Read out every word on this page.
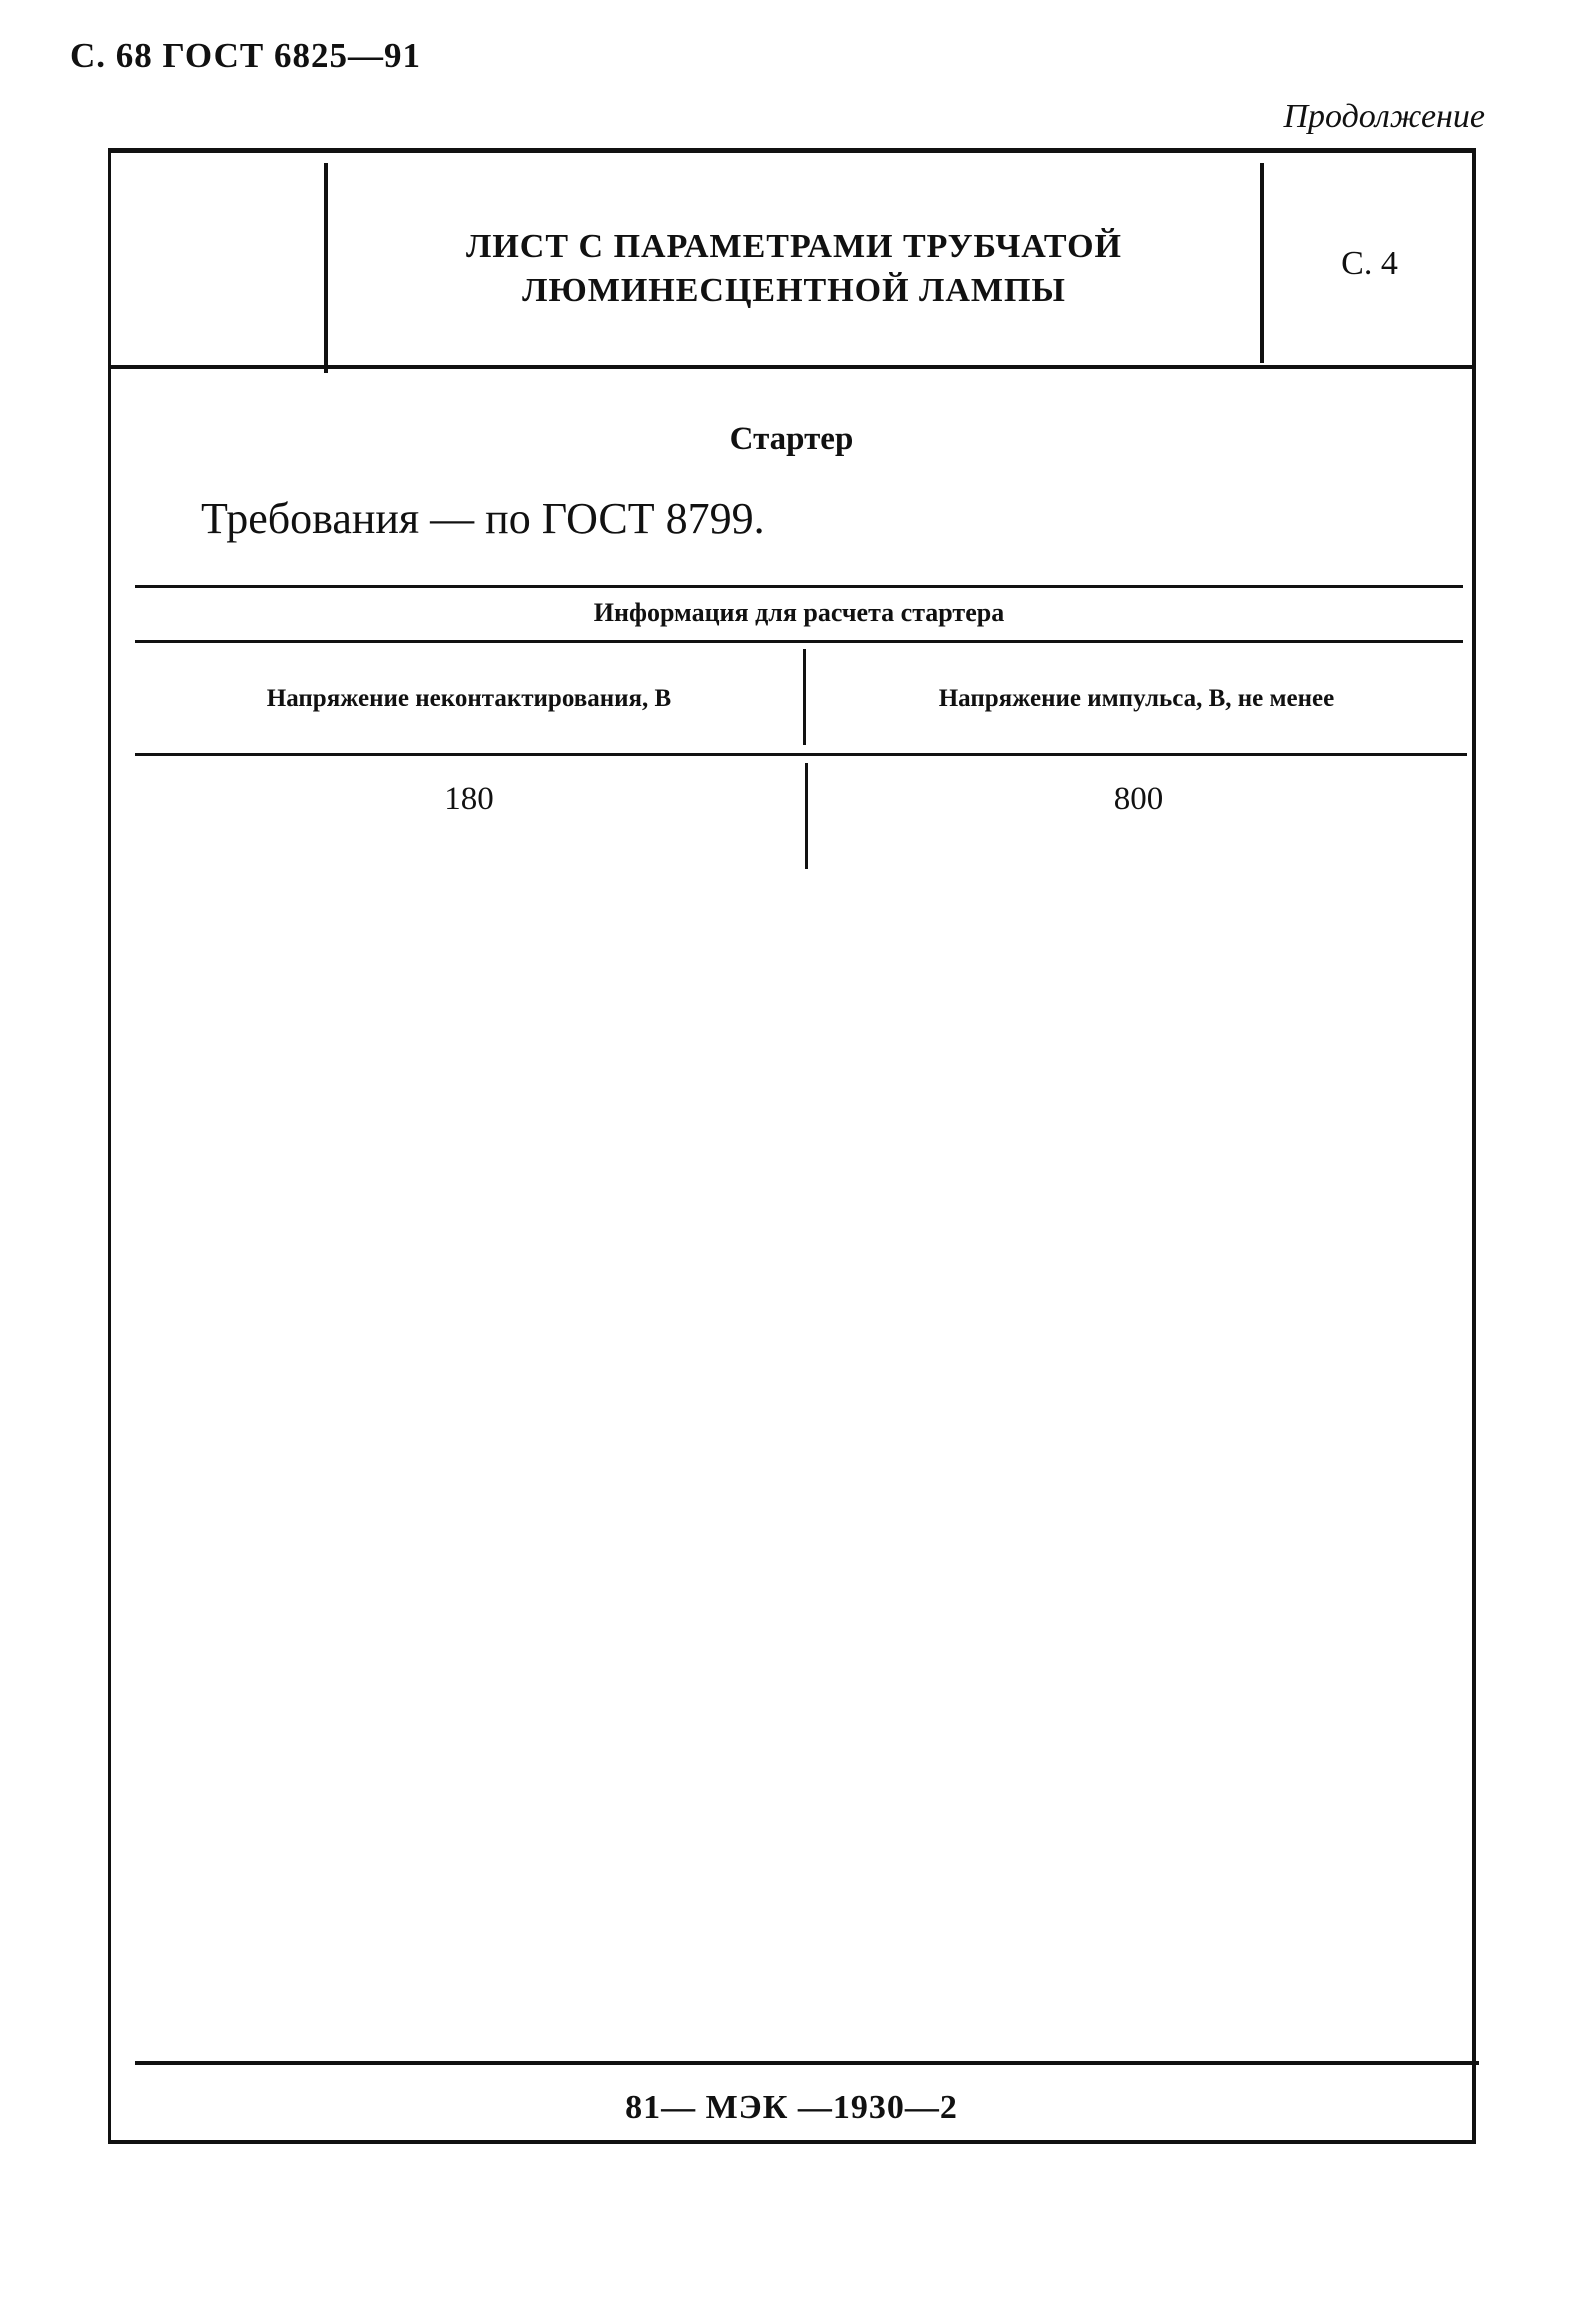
С. 68 ГОСТ 6825—91
Продолжение
ЛИСТ С ПАРАМЕТРАМИ ТРУБЧАТОЙ
ЛЮМИНЕСЦЕНТНОЙ ЛАМПЫ
С. 4
Стартер
Требования — по ГОСТ 8799.
Информация для расчета стартера
Напряжение неконтактирования, В	Напряжение импульса, В, не менее
180	800
81— МЭК —1930—2
